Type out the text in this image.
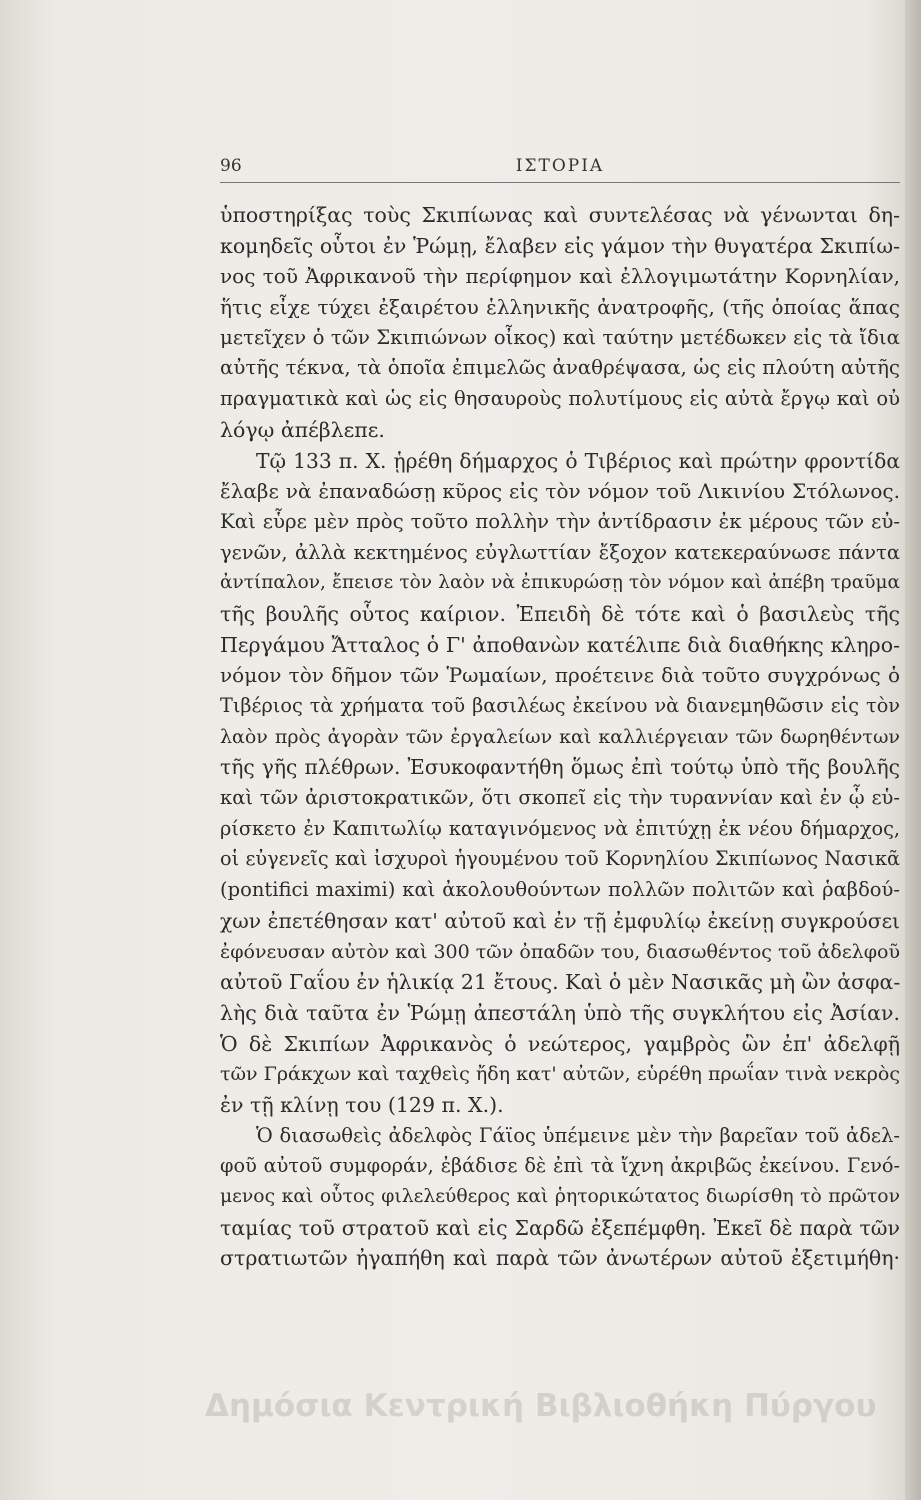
96	ΙΣΤΟΡΙΑ
ὑποστηρίξας τοὺς Σκιπίωνας καὶ συντελέσας νὰ γένωνται δη-
κομηδεῖς οὗτοι ἐν Ῥώμῃ, ἔλαβεν εἰς γάμον τὴν θυγατέρα Σκιπίω-
νος τοῦ Ἀφρικανοῦ τὴν περίφημον καὶ ἐλλογιμωτάτην Κορνηλίαν,
ἥτις εἶχε τύχει ἐξαιρέτου ἑλληνικῆς ἀνατροφῆς, (τῆς ὁποίας ἅπας
μετεῖχεν ὁ τῶν Σκιπιώνων οἶκος) καὶ ταύτην μετέδωκεν εἰς τὰ ἴδια
αὐτῆς τέκνα, τὰ ὁποῖα ἐπιμελῶς ἀναθρέψασα, ὡς εἰς πλούτη αὐτῆς
πραγματικὰ καὶ ὡς εἰς θησαυροὺς πολυτίμους εἰς αὐτὰ ἔργῳ καὶ οὐ
λόγῳ ἀπέβλεπε.
Τῷ 133 π. Χ. ᾑρέθη δήμαρχος ὁ Τιβέριος καὶ πρώτην φροντίδα
ἔλαβε νὰ ἐπαναδώσῃ κῦρος εἰς τὸν νόμον τοῦ Λικινίου Στόλωνος.
Καὶ εὗρε μὲν πρὸς τοῦτο πολλὴν τὴν ἀντίδρασιν ἐκ μέρους τῶν εὐ-
γενῶν, ἀλλὰ κεκτημένος εὐγλωττίαν ἔξοχον κατεκεραύνωσε πάντα
ἀντίπαλον, ἔπεισε τὸν λαὸν νὰ ἐπικυρώσῃ τὸν νόμον καὶ ἀπέβη τραῦμα
τῆς βουλῆς οὗτος καίριον. Ἐπειδὴ δὲ τότε καὶ ὁ βασιλεὺς τῆς
Περγάμου Ἄτταλος ὁ Γ' ἀποθανὼν κατέλιπε διὰ διαθήκης κληρο-
νόμον τὸν δῆμον τῶν Ῥωμαίων, προέτεινε διὰ τοῦτο συγχρόνως ὁ
Τιβέριος τὰ χρήματα τοῦ βασιλέως ἐκείνου νὰ διανεμηθῶσιν εἰς τὸν
λαὸν πρὸς ἀγορὰν τῶν ἐργαλείων καὶ καλλιέργειαν τῶν δωρηθέντων
τῆς γῆς πλέθρων. Ἐσυκοφαντήθη ὅμως ἐπὶ τούτῳ ὑπὸ τῆς βουλῆς
καὶ τῶν ἀριστοκρατικῶν, ὅτι σκοπεῖ εἰς τὴν τυραννίαν καὶ ἐν ᾧ εὑ-
ρίσκετο ἐν Καπιτωλίῳ καταγινόμενος νὰ ἐπιτύχῃ ἐκ νέου δήμαρχος,
οἱ εὐγενεῖς καὶ ἰσχυροὶ ἡγουμένου τοῦ Κορνηλίου Σκιπίωνος Νασικᾶ
(pontifici maximi) καὶ ἀκολουθούντων πολλῶν πολιτῶν καὶ ῥαβδού-
χων ἐπετέθησαν κατ' αὐτοῦ καὶ ἐν τῇ ἐμφυλίῳ ἐκείνῃ συγκρούσει
ἐφόνευσαν αὐτὸν καὶ 300 τῶν ὀπαδῶν του, διασωθέντος τοῦ ἀδελφοῦ
αὐτοῦ Γαΐου ἐν ἡλικίᾳ 21 ἔτους. Καὶ ὁ μὲν Νασικᾶς μὴ ὢν ἀσφα-
λὴς διὰ ταῦτα ἐν Ῥώμῃ ἀπεστάλη ὑπὸ τῆς συγκλήτου εἰς Ἀσίαν.
Ὁ δὲ Σκιπίων Ἀφρικανὸς ὁ νεώτερος, γαμβρὸς ὢν ἐπ' ἀδελφῇ
τῶν Γράκχων καὶ ταχθεὶς ἤδη κατ' αὐτῶν, εὑρέθη πρωΐαν τινὰ νεκρὸς
ἐν τῇ κλίνῃ του (129 π. Χ.).
Ὁ διασωθεὶς ἀδελφὸς Γάϊος ὑπέμεινε μὲν τὴν βαρεῖαν τοῦ ἀδελ-
φοῦ αὐτοῦ συμφοράν, ἐβάδισε δὲ ἐπὶ τὰ ἴχνη ἀκριβῶς ἐκείνου. Γενό-
μενος καὶ οὗτος φιλελεύθερος καὶ ῥητορικώτατος διωρίσθη τὸ πρῶτον
ταμίας τοῦ στρατοῦ καὶ εἰς Σαρδῶ ἐξεπέμφθη. Ἐκεῖ δὲ παρὰ τῶν
στρατιωτῶν ἠγαπήθη καὶ παρὰ τῶν ἀνωτέρων αὐτοῦ ἐξετιμήθη·
Δημόσια Κεντρική Βιβλιοθήκη Πύργου
